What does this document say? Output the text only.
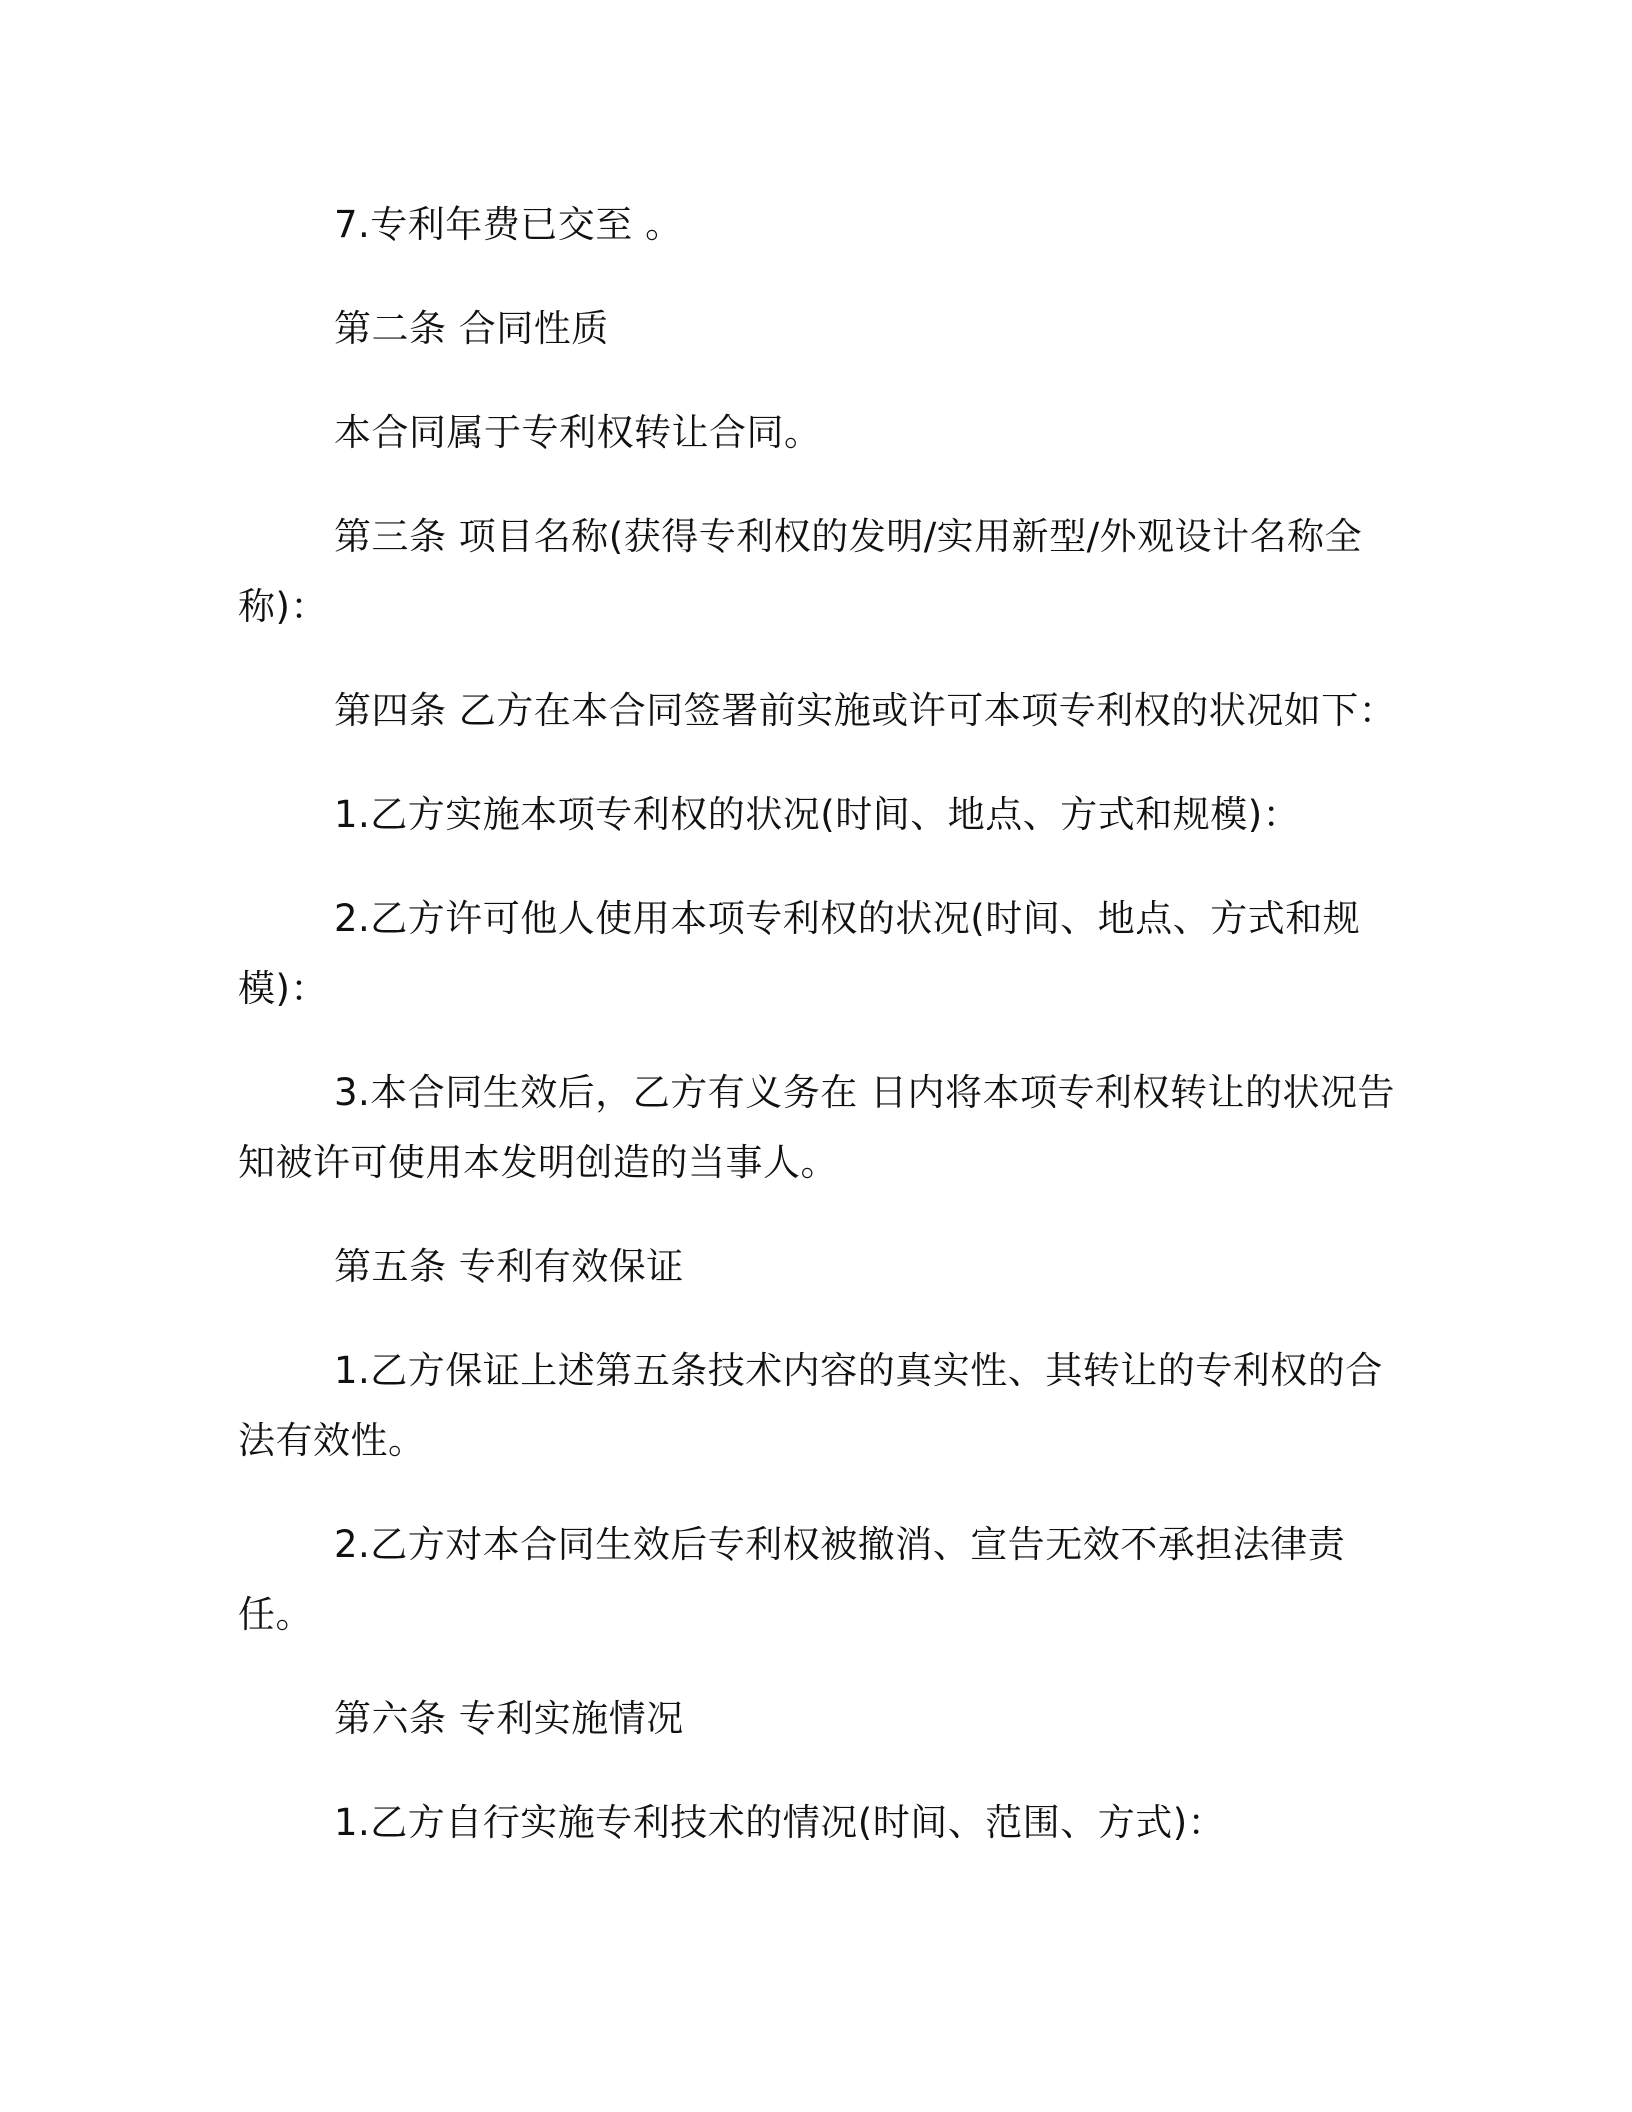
7.专利年费已交至 。

第二条 合同性质

本合同属于专利权转让合同。

第三条 项目名称(获得专利权的发明/实用新型/外观设计名称全称)：

第四条 乙方在本合同签署前实施或许可本项专利权的状况如下：

1.乙方实施本项专利权的状况(时间、地点、方式和规模)：

2.乙方许可他人使用本项专利权的状况(时间、地点、方式和规模)：

3.本合同生效后，乙方有义务在 日内将本项专利权转让的状况告知被许可使用本发明创造的当事人。

第五条 专利有效保证

1.乙方保证上述第五条技术内容的真实性、其转让的专利权的合法有效性。

2.乙方对本合同生效后专利权被撤消、宣告无效不承担法律责任。

第六条 专利实施情况

1.乙方自行实施专利技术的情况(时间、范围、方式)：
